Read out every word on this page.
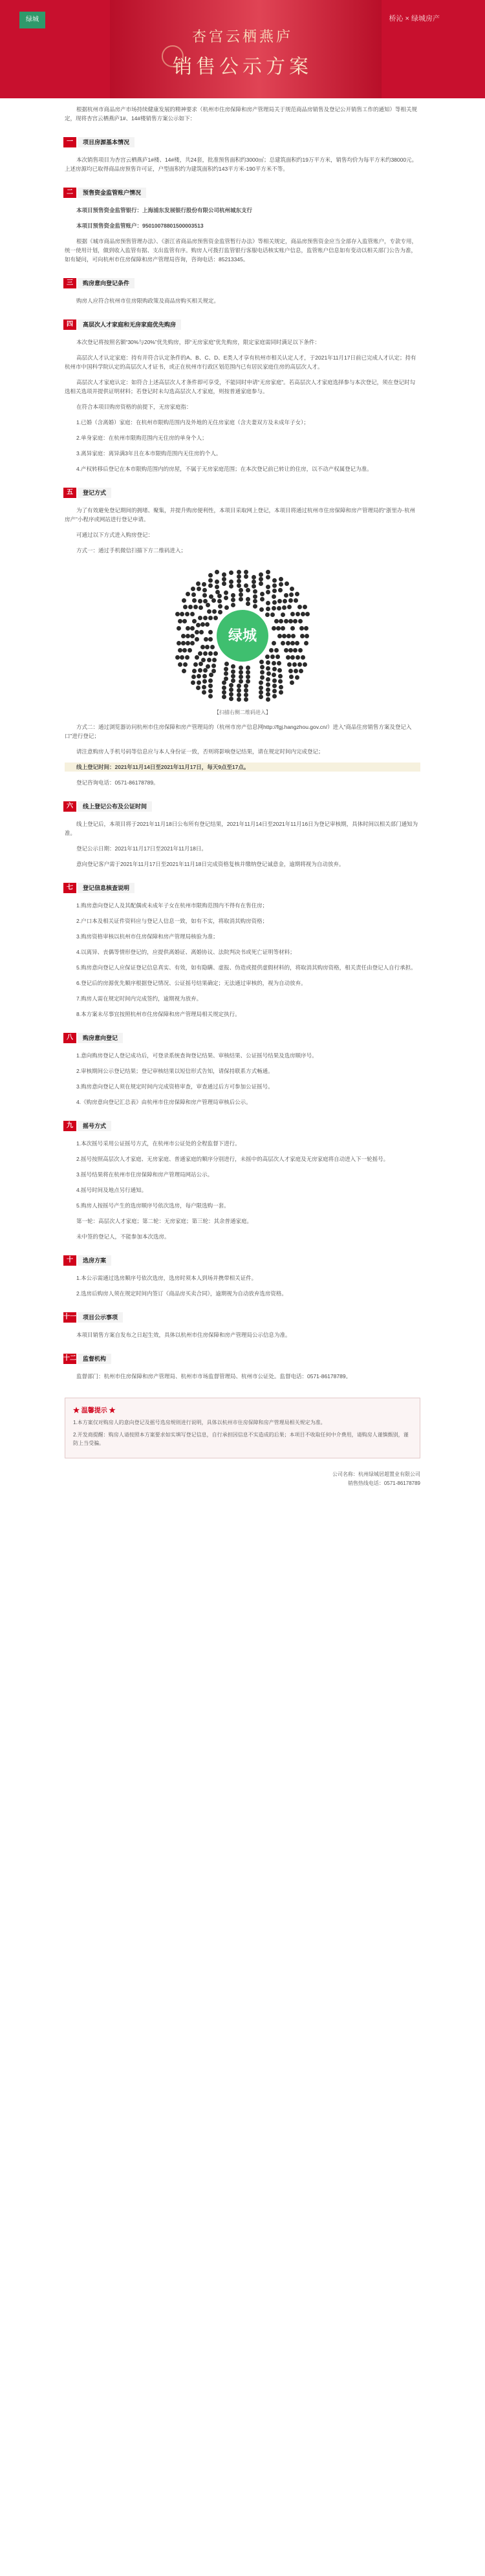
绿城	桥沁 × 绿城房产
杏宫云栖燕庐
销售公示方案

根据杭州市商品房产市场持续健康发展的精神要求（杭州市住房保障和房产管理局关于规范商品房销售及登记公开销售工作的通知）等相关规定，现将杏宫云栖燕庐1#、14#楼销售方案公示如下：

一	项目房源基本情况

本次销售项目为杏宫云栖燕庐1#楼、14#楼，共24套，批准预售面积约3000㎡；总建筑面积约19万平方米，销售均价为每平方米约38000元。上述房源均已取得商品房预售许可证，户型面积约为建筑面积约143平方米-190平方米不等。

二	预售资金监管账户情况

本项目预售资金监管银行：上海浦东发展银行股份有限公司杭州城东支行

本项目预售资金监管账户：95010078801500003513

根据《城市商品房预售管理办法》、《浙江省商品房预售资金监管暂行办法》等相关规定，商品房预售资金应当全部存入监管账户，专款专用，统一使用计划，做到收入监管有据、支出监管有序。购房人可拨打监管银行客服电话核实账户信息，监管账户信息如有变动以相关部门公告为准，如有疑问，可向杭州市住房保障和房产管理局咨询，咨询电话：85213345。

三	购房意向登记条件

购房人应符合杭州市住房限购政策及商品房购买相关规定。

四	高层次人才家庭和无房家庭优先购房

本次登记将按照名额“30%与20%”优先购房，即“无房家庭”优先购房，限定家庭需同时满足以下条件：

高层次人才认定家庭：持有并符合认定条件的A、B、C、D、E类人才享有杭州市相关认定人才，于2021年11月17日前已完成人才认定；持有杭州市中国科学院认定的高层次人才证书，或正在杭州市行政区划范围内已有居民家庭住房的高层次人才。

高层次人才家庭认定：如符合上述高层次人才条件即可享受，不能同时申请“无房家庭”。若高层次人才家庭选择参与本次登记，须在登记时勾选相关选项并提供证明材料；若登记时未勾选高层次人才家庭，则按普通家庭参与。

在符合本项目购房资格的前提下，无房家庭指：

1.已婚（含离婚）家庭：在杭州市限购范围内及外地的无住房家庭（含夫妻双方及未成年子女）；

2.单身家庭：在杭州市限购范围内无住房的单身个人；

3.离异家庭：离异满3年且在本市限购范围内无住房的个人。

4.产权转移后登记在本市限购范围内的房屋，不属于无房家庭范围；在本次登记前已转让的住房，以不动产权属登记为准。

五	登记方式

为了有效避免登记期间的拥堵、聚集，并提升购房便利性，本项目采取网上登记，本项目将通过杭州市住房保障和房产管理局的“浙里办·杭州房产”小程序或网站进行登记申请。

可通过以下方式进入购房登记：

方式一：通过手机微信扫描下方二维码进入；

绿城
【扫描右侧二维码进入】

方式二：通过浏览器访问杭州市住房保障和房产管理局的（杭州市房产信息网http://fgj.hangzhou.gov.cn/）进入“商品住房销售方案及登记入口”进行登记；

请注意购房人手机号码等信息应与本人身份证一致，否则将影响登记结果，请在规定时间内完成登记；

线上登记时间：2021年11月14日至2021年11月17日，每天9点至17点。

登记咨询电话：0571-86178789。

六	线上登记公布及公证时间

线上登记后，本项目将于2021年11月18日公布所有登记结果，2021年11月14日至2021年11月16日为登记审核期，具体时间以相关部门通知为准。

登记公示日期：2021年11月17日至2021年11月18日。

意向登记客户需于2021年11月17日至2021年11月18日完成资格复核并缴纳登记诚意金，逾期将视为自动放弃。

七	登记信息核查说明

1.购房意向登记人及其配偶或未成年子女在杭州市限购范围内不得有在售住房；

2.户口本及相关证件资料应与登记人信息一致，如有不实，将取消其购房资格；

3.购房资格审核以杭州市住房保障和房产管理局核验为准；

4.以离异、丧偶等情形登记的，应提供离婚证、离婚协议、法院判决书或死亡证明等材料；

5.购房意向登记人应保证登记信息真实、有效，如有隐瞒、虚报、伪造或提供虚假材料的，将取消其购房资格，相关责任由登记人自行承担。

6.登记后的房源优先顺序根据登记情况、公证摇号结果确定；无法通过审核的，视为自动放弃。

7.购房人需在规定时间内完成签约，逾期视为放弃。

8.本方案未尽事宜按照杭州市住房保障和房产管理局相关规定执行。

八	购房意向登记

1.意向购房登记人登记成功后，可登录系统查询登记结果、审核结果、公证摇号结果及选房顺序号。

2.审核期间公示登记结果；登记审核结果以短信形式告知，请保持联系方式畅通。

3.购房意向登记人须在规定时间内完成资格审查，审查通过后方可参加公证摇号。

4.《购房意向登记汇总表》由杭州市住房保障和房产管理局审核后公示。

九	摇号方式

1.本次摇号采用公证摇号方式，在杭州市公证处的全程监督下进行。

2.摇号按照高层次人才家庭、无房家庭、普通家庭的顺序分别进行，未摇中的高层次人才家庭及无房家庭将自动进入下一轮摇号。

3.摇号结果将在杭州市住房保障和房产管理局网站公示。

4.摇号时间及地点另行通知。

5.购房人按摇号产生的选房顺序号依次选房，每户限选购一套。

第一轮：高层次人才家庭；第二轮：无房家庭；第三轮：其余普通家庭。

未中签的登记人，不能参加本次选房。

十	选房方案

1.本公示需通过选房顺序号依次选房，选房时须本人到场并携带相关证件。

2.选房后购房人须在规定时间内签订《商品房买卖合同》，逾期视为自动放弃选房资格。

十一	项目公示事项

本项目销售方案自发布之日起生效，具体以杭州市住房保障和房产管理局公示信息为准。

十二	监督机构

监督部门：杭州市住房保障和房产管理局、杭州市市场监督管理局、杭州市公证处。监督电话：0571-86178789。

★ 温馨提示 ★

1.本方案仅对购房人的意向登记及摇号选房规则进行说明，具体以杭州市住房保障和房产管理局相关规定为准。

2.开发商提醒：购房人请按照本方案要求如实填写登记信息，自行承担因信息不实造成的后果；本项目不收取任何中介费用，请购房人谨慎甄别，谨防上当受骗。

公司名称：杭州绿城居超置业有限公司
销售热线电话：0571-86178789
